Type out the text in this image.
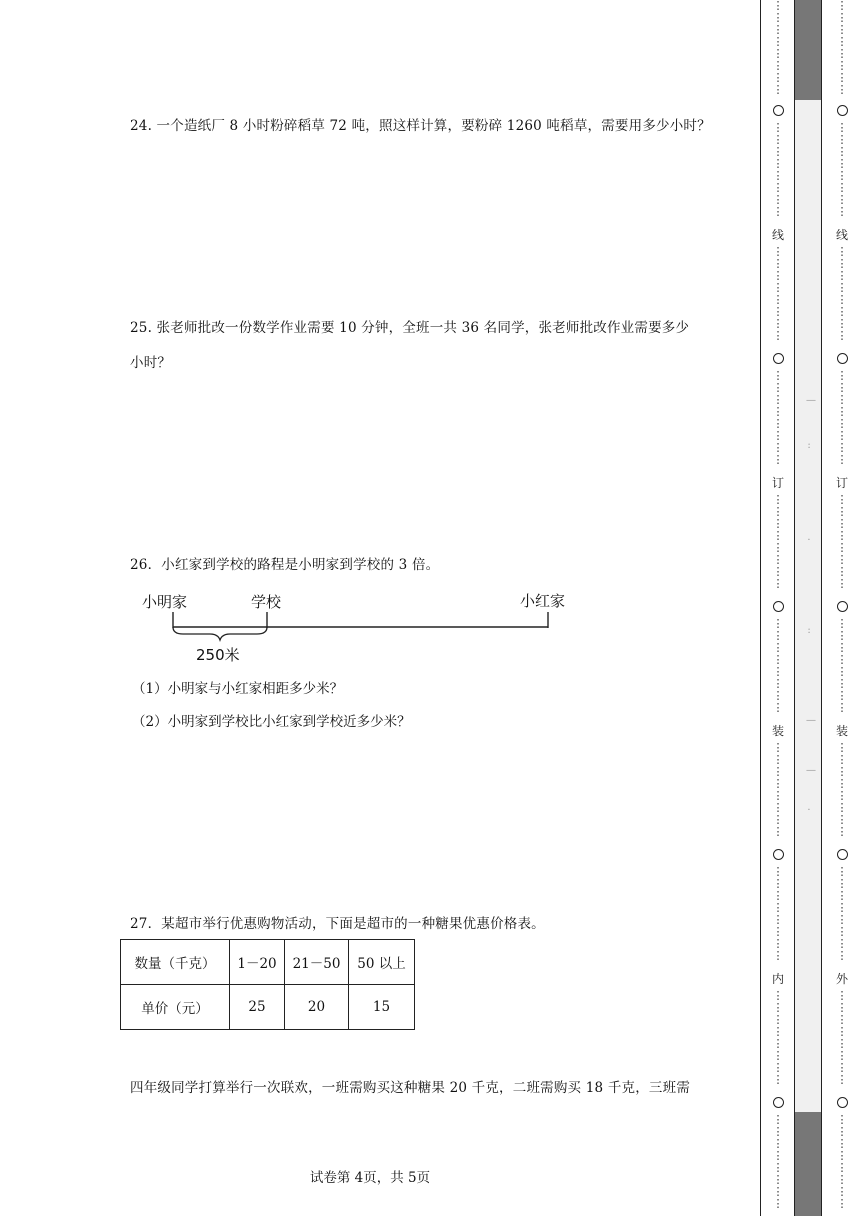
24. 一个造纸厂 8 小时粉碎稻草 72 吨，照这样计算，要粉碎 1260 吨稻草，需要用多少小时？
25. 张老师批改一份数学作业需要 10 分钟，全班一共 36 名同学，张老师批改作业需要多少
小时？
26．小红家到学校的路程是小明家到学校的 3 倍。
小明家	学校	小红家
250米
（1）小明家与小红家相距多少米？
（2）小明家到学校比小红家到学校近多少米？
27．某超市举行优惠购物活动，下面是超市的一种糖果优惠价格表。
数量（千克）	1－20	21－50	50 以上
单价（元）	25	20	15
四年级同学打算举行一次联欢，一班需购买这种糖果 20 千克，二班需购买 18 千克，三班需
试卷第 4页，共 5页
—
:
·
:
—
—
·
⋮
⋮
⋮
⋮
⋮
⋮
⋮
⋮
⋮
⋮
⋮
⋮
⋮
⋮
⋮
⋮
线
⋮
⋮
⋮
⋮
⋮
⋮
⋮
⋮
⋮
⋮
⋮
⋮
⋮
⋮
⋮
⋮
订
⋮
⋮
⋮
⋮
⋮
⋮
⋮
⋮
⋮
⋮
⋮
⋮
⋮
⋮
⋮
⋮
装
⋮
⋮
⋮
⋮
⋮
⋮
⋮
⋮
⋮
⋮
⋮
⋮
⋮
⋮
⋮
⋮
内
⋮
⋮
⋮
⋮
⋮
⋮
⋮
⋮
⋮
⋮
⋮
⋮
⋮
⋮
⋮
⋮
⋮
⋮
⋮
⋮
⋮
⋮
⋮
⋮
⋮
⋮
⋮
⋮
⋮
⋮
⋮
⋮
线
⋮
⋮
⋮
⋮
⋮
⋮
⋮
⋮
⋮
⋮
⋮
⋮
⋮
⋮
⋮
⋮
订
⋮
⋮
⋮
⋮
⋮
⋮
⋮
⋮
⋮
⋮
⋮
⋮
⋮
⋮
⋮
⋮
装
⋮
⋮
⋮
⋮
⋮
⋮
⋮
⋮
⋮
⋮
⋮
⋮
⋮
⋮
⋮
⋮
外
⋮
⋮
⋮
⋮
⋮
⋮
⋮
⋮
⋮
⋮
⋮
⋮
⋮
⋮
⋮
⋮
